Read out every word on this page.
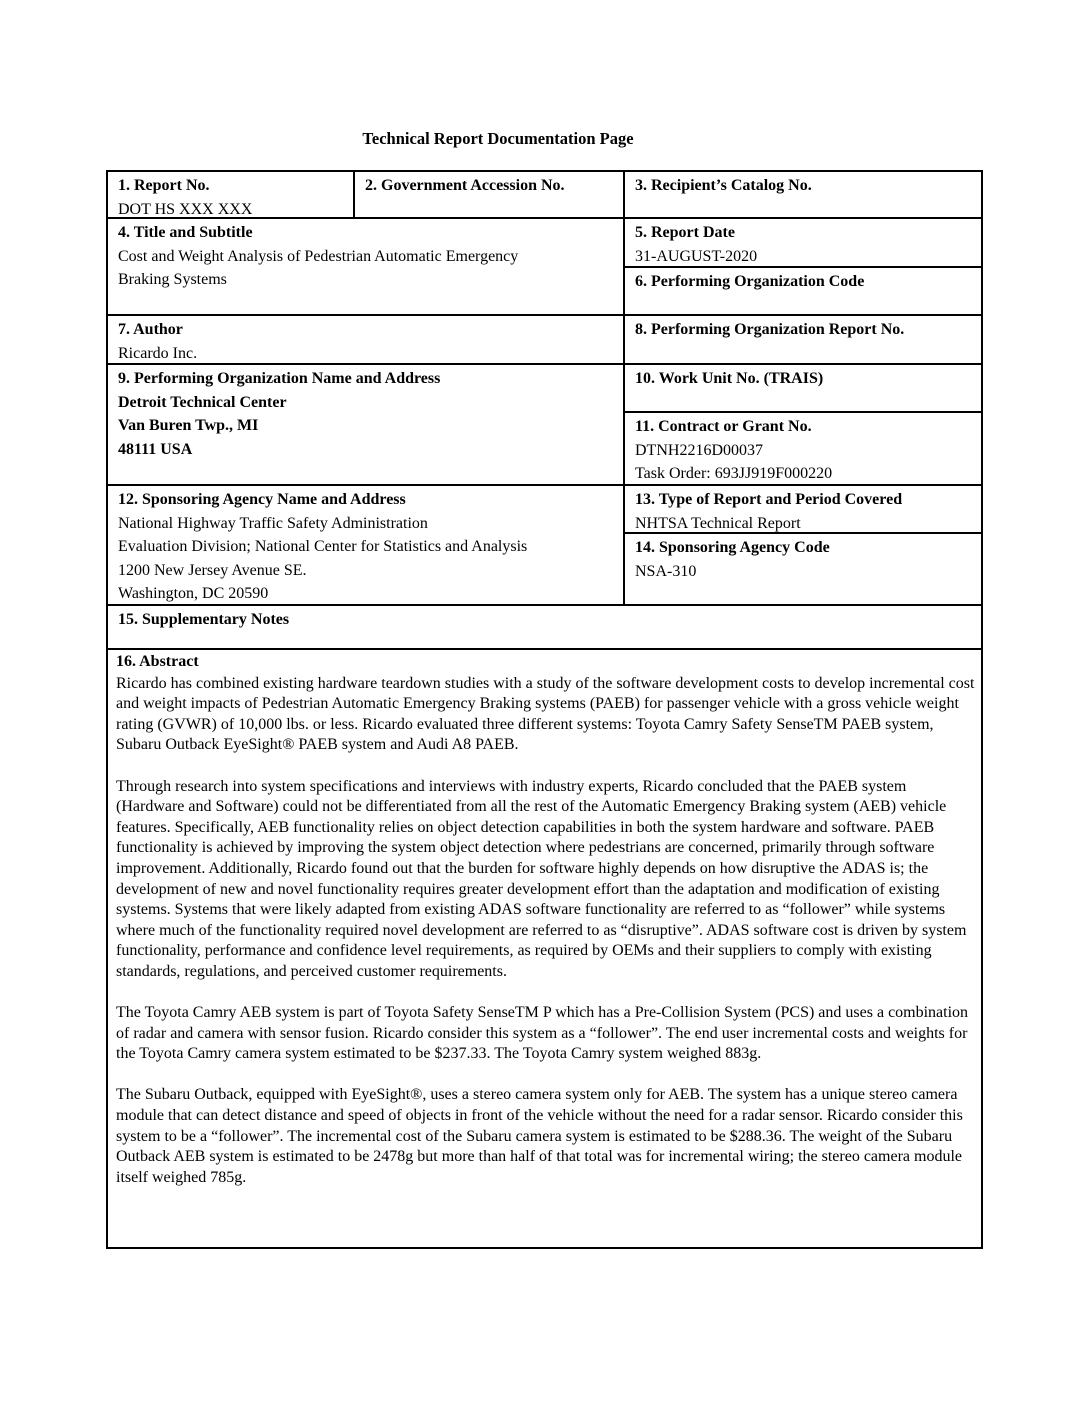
Technical Report Documentation Page
1. Report No.
DOT HS XXX XXX
2. Government Accession No.	3. Recipient’s Catalog No.
4. Title and Subtitle
Cost and Weight Analysis of Pedestrian Automatic Emergency
Braking Systems
5. Report Date
31-AUGUST-2020
6. Performing Organization Code
7. Author
Ricardo Inc.
8. Performing Organization Report No.
9. Performing Organization Name and Address
Detroit Technical Center
Van Buren Twp., MI
48111 USA
10. Work Unit No. (TRAIS)
11. Contract or Grant No.
DTNH2216D00037
Task Order: 693JJ919F000220
12. Sponsoring Agency Name and Address
National Highway Traffic Safety Administration
Evaluation Division; National Center for Statistics and Analysis
1200 New Jersey Avenue SE.
Washington, DC 20590
13. Type of Report and Period Covered
NHTSA Technical Report
14. Sponsoring Agency Code
NSA-310
15. Supplementary Notes
16. Abstract

Ricardo has combined existing hardware teardown studies with a study of the software development costs to develop incremental cost and weight impacts of Pedestrian Automatic Emergency Braking systems (PAEB) for passenger vehicle with a gross vehicle weight rating (GVWR) of 10,000 lbs. or less. Ricardo evaluated three different systems: Toyota Camry Safety SenseTM PAEB system, Subaru Outback EyeSight® PAEB system and Audi A8 PAEB.

Through research into system specifications and interviews with industry experts, Ricardo concluded that the PAEB system (Hardware and Software) could not be differentiated from all the rest of the Automatic Emergency Braking system (AEB) vehicle features. Specifically, AEB functionality relies on object detection capabilities in both the system hardware and software. PAEB functionality is achieved by improving the system object detection where pedestrians are concerned, primarily through software improvement. Additionally, Ricardo found out that the burden for software highly depends on how disruptive the ADAS is; the development of new and novel functionality requires greater development effort than the adaptation and modification of existing systems. Systems that were likely adapted from existing ADAS software functionality are referred to as “follower” while systems where much of the functionality required novel development are referred to as “disruptive”. ADAS software cost is driven by system functionality, performance and confidence level requirements, as required by OEMs and their suppliers to comply with existing standards, regulations, and perceived customer requirements.

The Toyota Camry AEB system is part of Toyota Safety SenseTM P which has a Pre-Collision System (PCS) and uses a combination of radar and camera with sensor fusion. Ricardo consider this system as a “follower”. The end user incremental costs and weights for the Toyota Camry camera system estimated to be $237.33. The Toyota Camry system weighed 883g.

The Subaru Outback, equipped with EyeSight®, uses a stereo camera system only for AEB. The system has a unique stereo camera module that can detect distance and speed of objects in front of the vehicle without the need for a radar sensor. Ricardo consider this system to be a “follower”. The incremental cost of the Subaru camera system is estimated to be $288.36. The weight of the Subaru Outback AEB system is estimated to be 2478g but more than half of that total was for incremental wiring; the stereo camera module itself weighed 785g.
